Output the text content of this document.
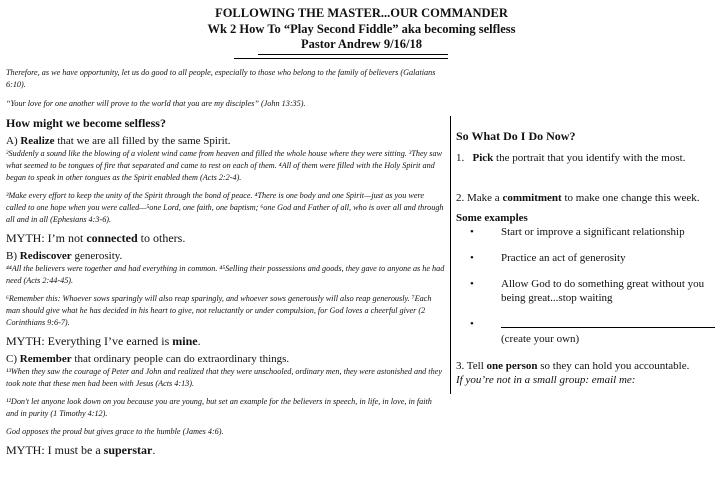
FOLLOWING THE MASTER...OUR COMMANDER
Wk 2 How To “Play Second Fiddle” aka becoming selfless
Pastor Andrew 9/16/18

Therefore, as we have opportunity, let us do good to all people, especially to those who belong to the family of believers (Galatians 6:10).

“Your love for one another will prove to the world that you are my disciples” (John 13:35).

How might we become selfless?

A) Realize that we are all filled by the same Spirit.

²Suddenly a sound like the blowing of a violent wind came from heaven and filled the whole house where they were sitting. ³They saw what seemed to be tongues of fire that separated and came to rest on each of them. ⁴All of them were filled with the Holy Spirit and began to speak in other tongues as the Spirit enabled them (Acts 2:2-4).

³Make every effort to keep the unity of the Spirit through the bond of peace. ⁴There is one body and one Spirit—just as you were called to one hope when you were called—⁵one Lord, one faith, one baptism; ⁶one God and Father of all, who is over all and through all and in all (Ephesians 4:3-6).

MYTH: I’m not connected to others.

B) Rediscover generosity.

⁴⁴All the believers were together and had everything in common. ⁴⁵Selling their possessions and goods, they gave to anyone as he had need (Acts 2:44-45).

⁶Remember this: Whoever sows sparingly will also reap sparingly, and whoever sows generously will also reap generously. ⁷Each man should give what he has decided in his heart to give, not reluctantly or under compulsion, for God loves a cheerful giver (2 Corinthians 9:6-7).

MYTH: Everything I’ve earned is mine.

C) Remember that ordinary people can do extraordinary things.

¹³When they saw the courage of Peter and John and realized that they were unschooled, ordinary men, they were astonished and they took note that these men had been with Jesus (Acts 4:13).

¹²Don't let anyone look down on you because you are young, but set an example for the believers in speech, in life, in love, in faith and in purity (1 Timothy 4:12).

God opposes the proud but gives grace to the humble (James 4:6).

MYTH: I must be a superstar.

So What Do I Do Now?

1. Pick the portrait that you identify with the most.

2. Make a commitment to make one change this week.

Some examples

• Start or improve a significant relationship
• Practice an act of generosity
• Allow God to do something great without you being great...stop waiting
•

(create your own)

3. Tell one person so they can hold you accountable.

If you’re not in a small group: email me:
